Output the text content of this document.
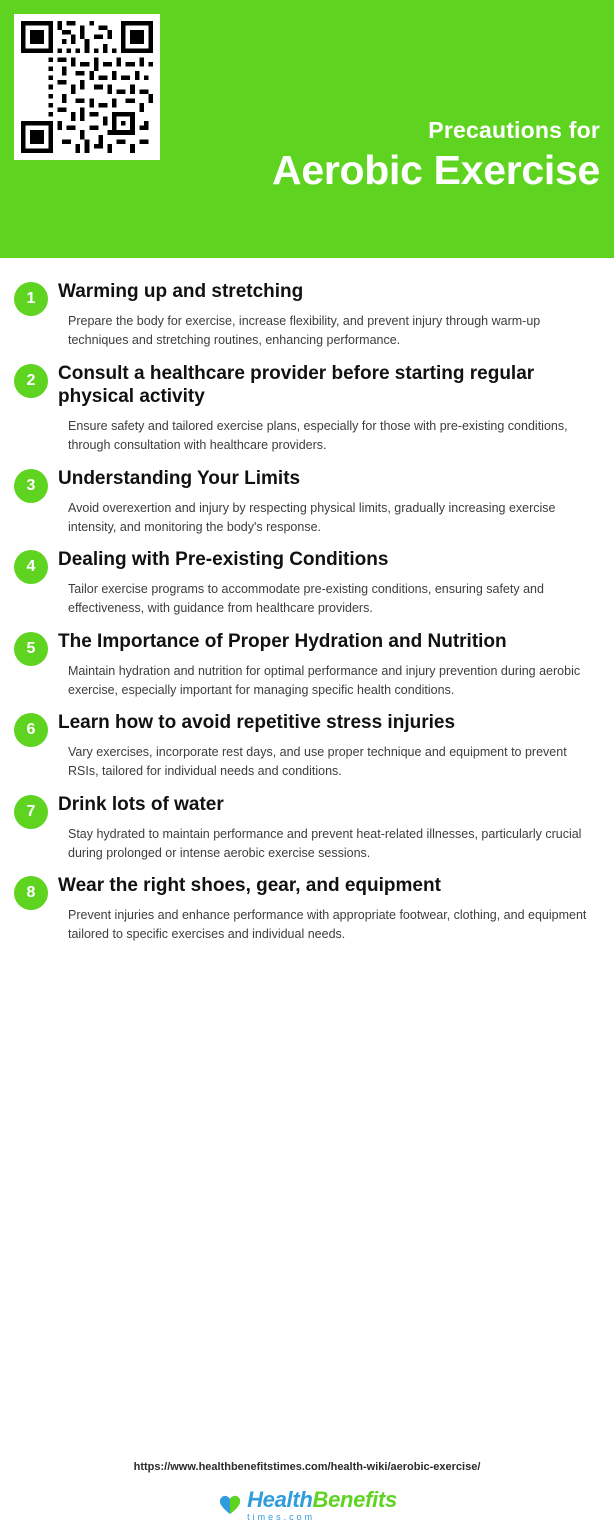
Precautions for
Aerobic Exercise
1	Warming up and stretching

Prepare the body for exercise, increase flexibility, and prevent injury through warm-up techniques and stretching routines, enhancing performance.

2	Consult a healthcare provider before starting regular physical activity

Ensure safety and tailored exercise plans, especially for those with pre-existing conditions, through consultation with healthcare providers.

3	Understanding Your Limits

Avoid overexertion and injury by respecting physical limits, gradually increasing exercise intensity, and monitoring the body's response.

4	Dealing with Pre-existing Conditions

Tailor exercise programs to accommodate pre-existing conditions, ensuring safety and effectiveness, with guidance from healthcare providers.

5	The Importance of Proper Hydration and Nutrition

Maintain hydration and nutrition for optimal performance and injury prevention during aerobic exercise, especially important for managing specific health conditions.

6	Learn how to avoid repetitive stress injuries

Vary exercises, incorporate rest days, and use proper technique and equipment to prevent RSIs, tailored for individual needs and conditions.

7	Drink lots of water

Stay hydrated to maintain performance and prevent heat-related illnesses, particularly crucial during prolonged or intense aerobic exercise sessions.

8	Wear the right shoes, gear, and equipment

Prevent injuries and enhance performance with appropriate footwear, clothing, and equipment tailored to specific exercises and individual needs.

https://www.healthbenefitstimes.com/health-wiki/aerobic-exercise/
HealthBenefits
times.com
